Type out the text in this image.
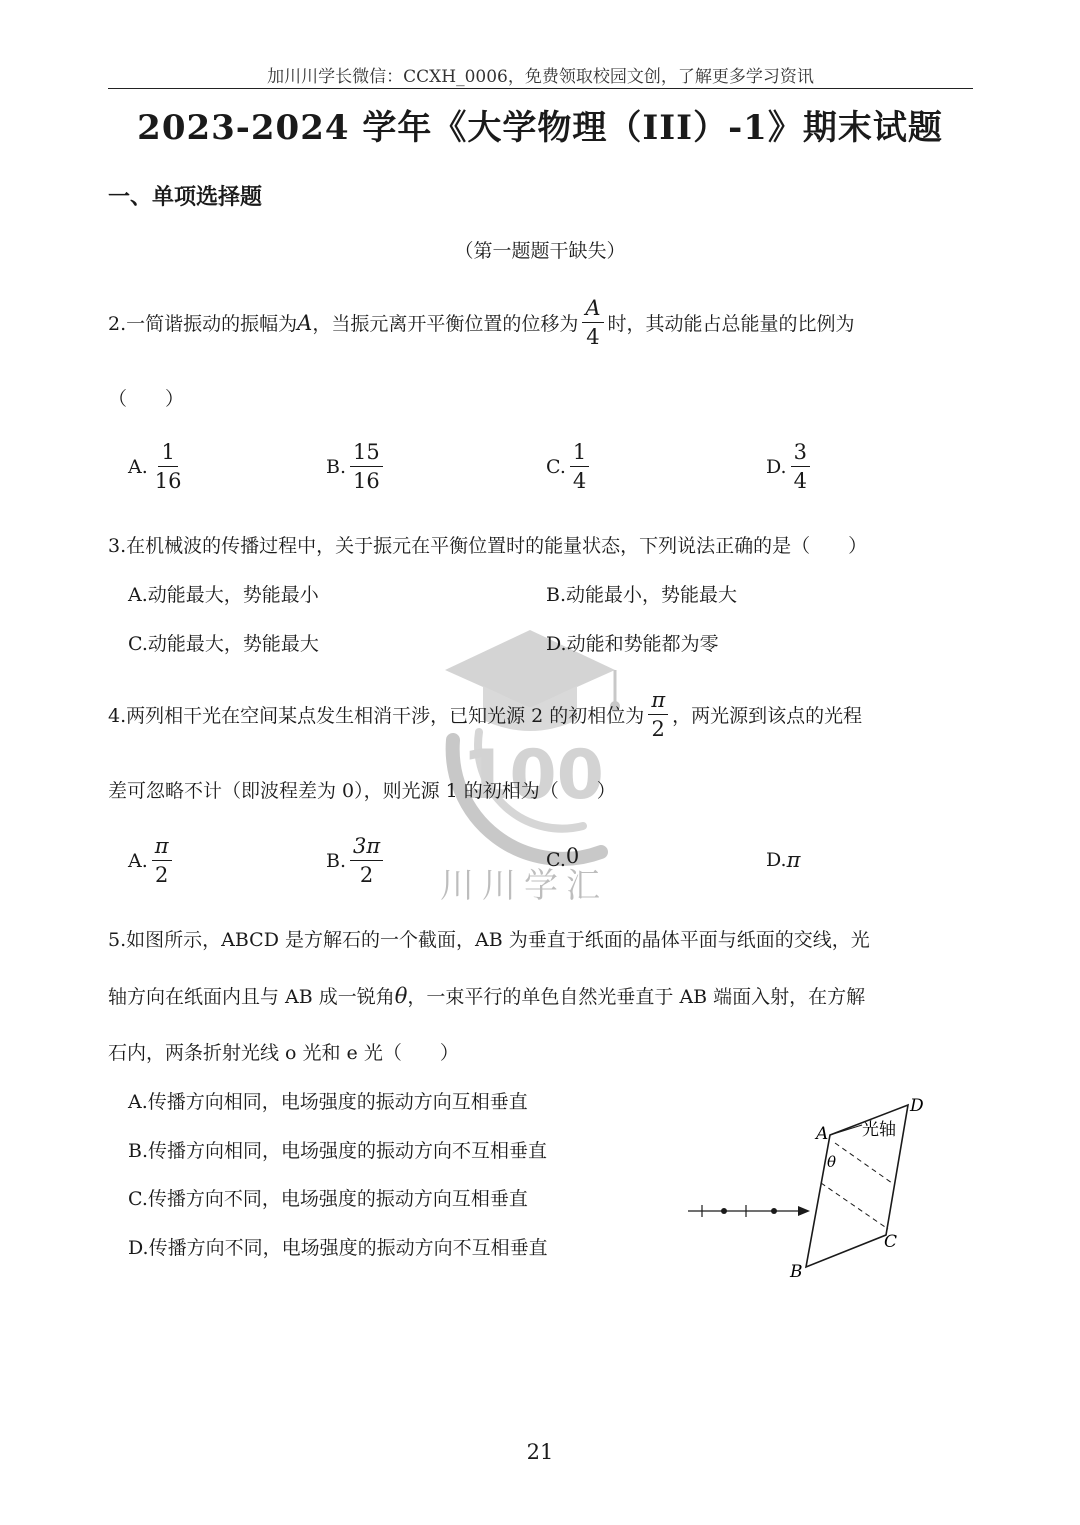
加川川学长微信：CCXH_0006，免费领取校园文创，了解更多学习资讯
2023-2024 学年《大学物理（III）-1》期末试题
一、单项选择题
（第一题题干缺失）
2.一简谐振动的振幅为 A ，当振元离开平衡位置的位移为 $\frac{A}{4}$ 时，其动能占总能量的比例为
（　　）
A. $\frac{1}{16}$	B. $\frac{15}{16}$	C. $\frac{1}{4}$	D. $\frac{3}{4}$
100
川川学汇
3.在机械波的传播过程中，关于振元在平衡位置时的能量状态，下列说法正确的是（　　）
A.动能最大，势能最小	B.动能最小，势能最大
C.动能最大，势能最大	D.动能和势能都为零
4.两列相干光在空间某点发生相消干涉，已知光源 2 的初相位为 $\frac{\pi}{2}$ ，两光源到该点的光程
差可忽略不计（即波程差为 0），则光源 1 的初相为（　　）
A. $\frac{\pi}{2}$	B. $\frac{3\pi}{2}$	C. 0	D. π
5.如图所示，ABCD 是方解石的一个截面，AB 为垂直于纸面的晶体平面与纸面的交线，光
轴方向在纸面内且与 AB 成一锐角 θ ，一束平行的单色自然光垂直于 AB 端面入射，在方解
石内，两条折射光线 o 光和 e 光（　　）
A.传播方向相同，电场强度的振动方向互相垂直
B.传播方向相同，电场强度的振动方向不互相垂直
C.传播方向不同，电场强度的振动方向互相垂直
D.传播方向不同，电场强度的振动方向不互相垂直
A
B
C
D
光轴
θ
21
